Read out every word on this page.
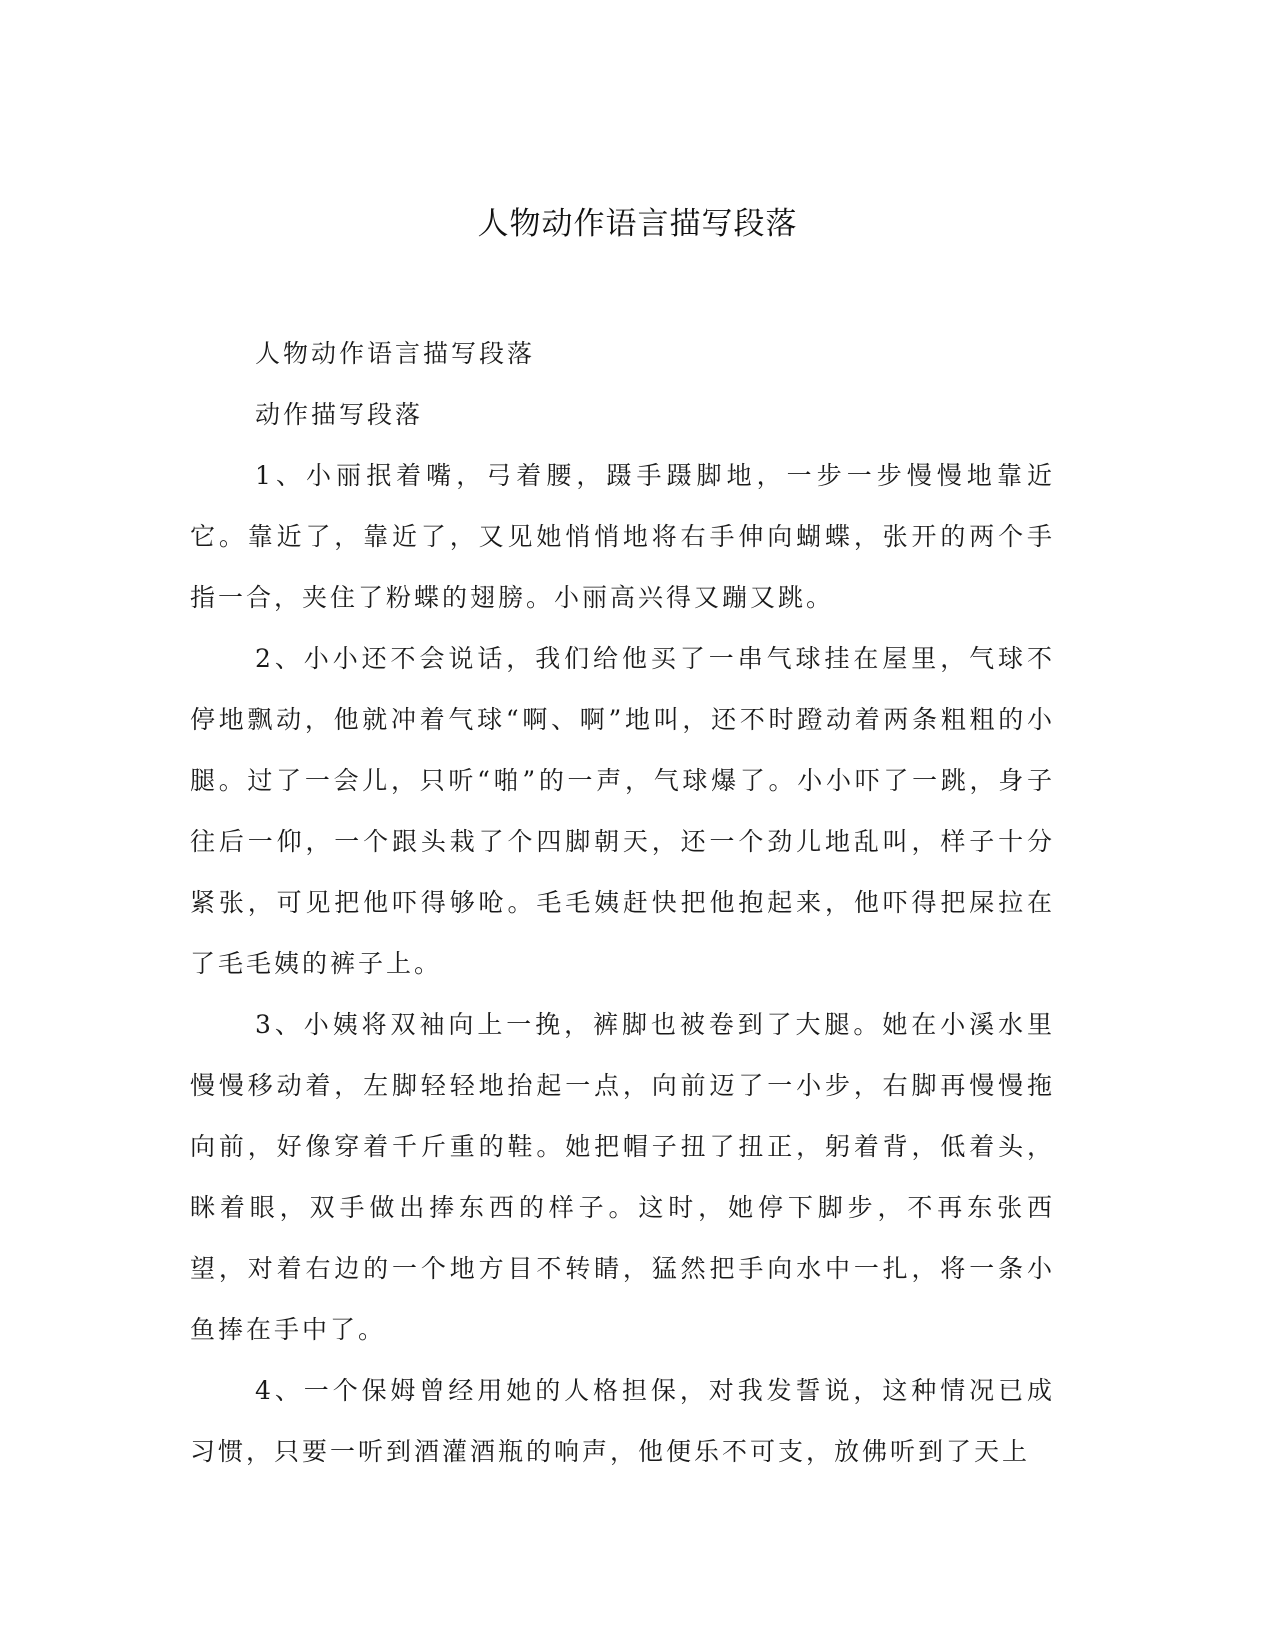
人物动作语言描写段落

人物动作语言描写段落

动作描写段落

1、小丽抿着嘴，弓着腰，蹑手蹑脚地，一步一步慢慢地靠近它。靠近了，靠近了，又见她悄悄地将右手伸向蝴蝶，张开的两个手指一合，夹住了粉蝶的翅膀。小丽高兴得又蹦又跳。

2、小小还不会说话，我们给他买了一串气球挂在屋里，气球不停地飘动，他就冲着气球“啊、啊”地叫，还不时蹬动着两条粗粗的小腿。过了一会儿，只听“啪”的一声，气球爆了。小小吓了一跳，身子往后一仰，一个跟头栽了个四脚朝天，还一个劲儿地乱叫，样子十分紧张，可见把他吓得够呛。毛毛姨赶快把他抱起来，他吓得把屎拉在了毛毛姨的裤子上。

3、小姨将双袖向上一挽，裤脚也被卷到了大腿。她在小溪水里慢慢移动着，左脚轻轻地抬起一点，向前迈了一小步，右脚再慢慢拖向前，好像穿着千斤重的鞋。她把帽子扭了扭正，躬着背，低着头，眯着眼，双手做出捧东西的样子。这时，她停下脚步，不再东张西望，对着右边的一个地方目不转睛，猛然把手向水中一扎，将一条小鱼捧在手中了。

4、一个保姆曾经用她的人格担保，对我发誓说，这种情况已成习惯，只要一听到酒灌酒瓶的响声，他便乐不可支，放佛听到了天上
